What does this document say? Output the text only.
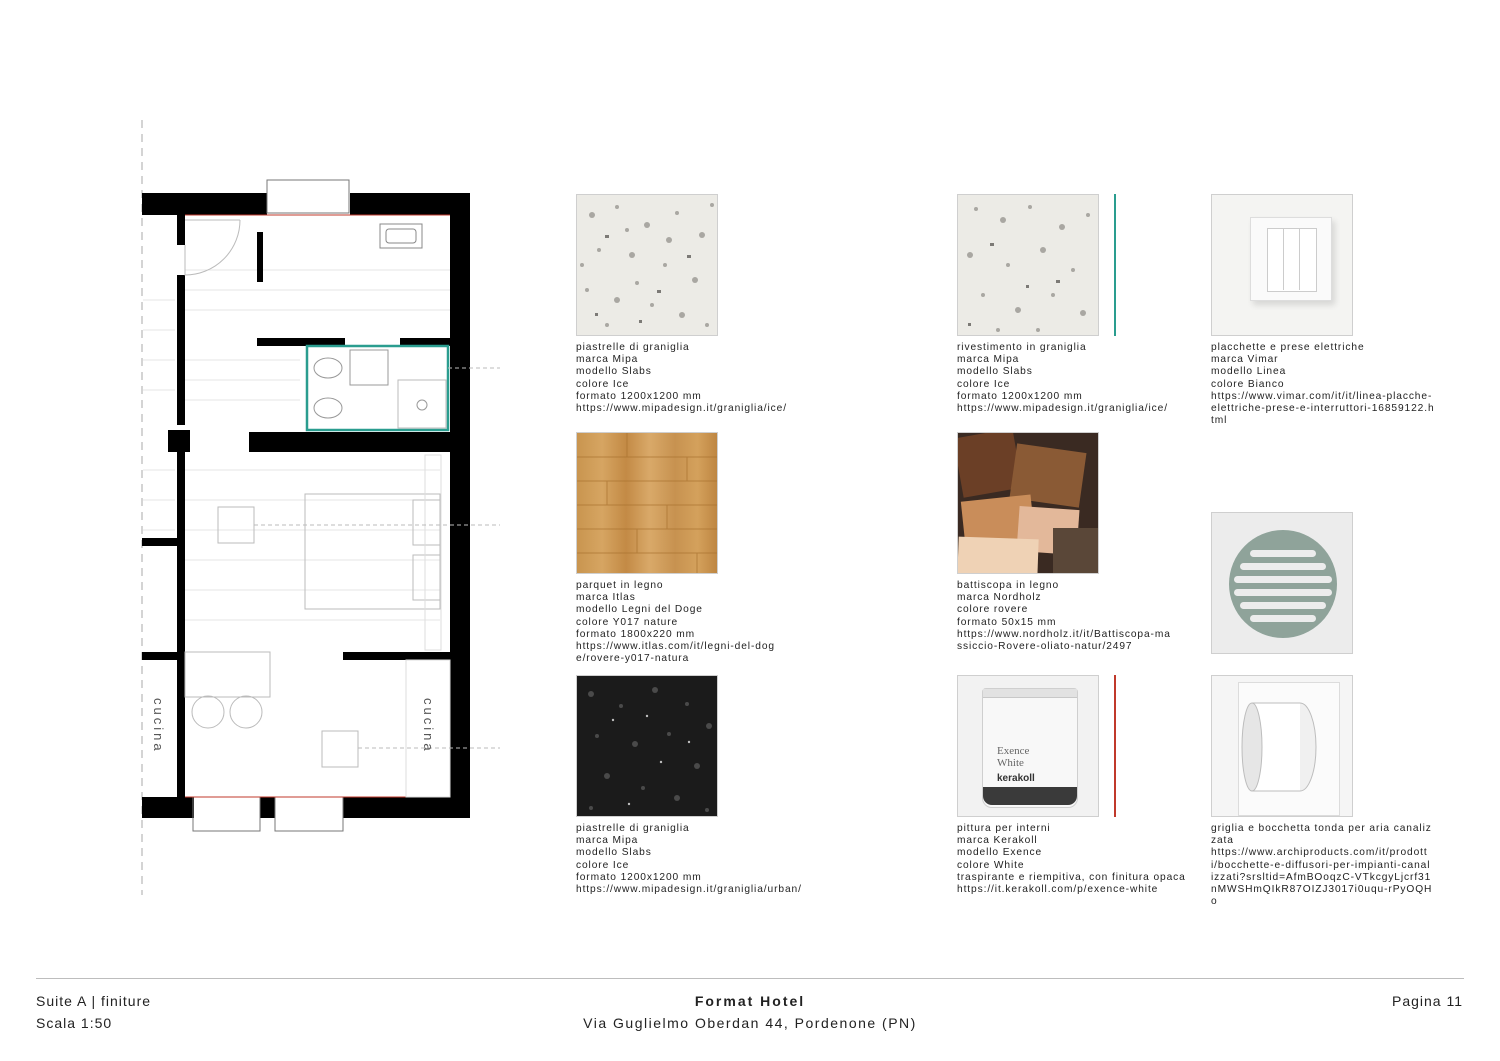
cucina	cucina	Exence
White
kerakoll
piastrelle di graniglia
marca Mipa
modello Slabs
colore Ice
formato 1200x1200 mm
https://www.mipadesign.it/graniglia/ice/
rivestimento in graniglia
marca Mipa
modello Slabs
colore Ice
formato 1200x1200 mm
https://www.mipadesign.it/graniglia/ice/
placchette e prese elettriche
marca Vimar
modello Linea
colore Bianco
https://www.vimar.com/it/it/linea-placche-elettriche-prese-e-interruttori-16859122.html
parquet in legno
marca Itlas
modello Legni del Doge
colore Y017 nature
formato 1800x220 mm
https://www.itlas.com/it/legni-del-doge/rovere-y017-natura
battiscopa in legno
marca Nordholz
colore rovere
formato 50x15 mm
https://www.nordholz.it/it/Battiscopa-massiccio-Rovere-oliato-natur/2497
piastrelle di graniglia
marca Mipa
modello Slabs
colore Ice
formato 1200x1200 mm
https://www.mipadesign.it/graniglia/urban/
pittura per interni
marca Kerakoll
modello Exence
colore White
traspirante e riempitiva, con finitura opaca
https://it.kerakoll.com/p/exence-white
griglia e bocchetta tonda per aria canalizzata
https://www.archiproducts.com/it/prodotti/bocchette-e-diffusori-per-impianti-canalizzati?srsltid=AfmBOoqzC-VTkcgyLjcrf31nMWSHmQIkR87OIZJ3017i0uqu-rPyOQHo
Suite A | finiture
Scala 1:50
Format Hotel
Via Guglielmo Oberdan 44, Pordenone (PN)
Pagina 11
